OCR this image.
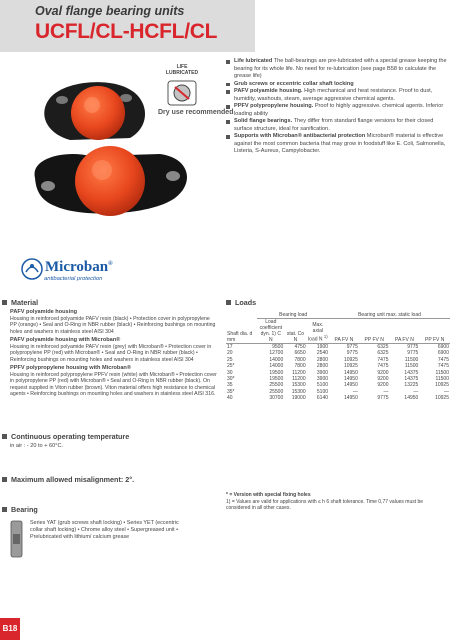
Oval flange bearing units
UCFL/CL-HCFL/CL
LIFE
LUBRICATED
Dry use recommended
Life lubricated The ball-bearings are pre-lubricated with a special grease keeping the bearing for its whole life. No need for re-lubrication (see page B58 to calculate the grease life)
Grub screws or eccentric collar shaft locking
PAFV polyamide housing. High mechanical and heat resistance. Proof to dust, humidity, washouts, steam, average aggressive chemical agents.
PPFV polypropylene housing. Proof to highly aggressive. chemical agents. Inferior loading ability
Solid flange bearings. They differ from standard flange versions for their closed surface structure, ideal for sanification.
Supports with Microban® antibacterial protection Microban® material is effective against the most common bacteria that may grow in foodstuff like E. Coli, Salmonella, Listeria, S-Aureus, Campylobacter.
Microban®
antibacterial protection
Material
PAFV polyamide housing
Housing in reinforced polyamide PAFV resin (black) • Protection cover in polypropylene PP (orange) • Seal and O-Ring in NBR rubber (black) • Reinforcing bushings on mounting holes and washers in stainless steel AISI 304
PAFV polyamide housing with Microban®
Housing in reinforced polyamide PAFV resin (grey) with Microban® • Protection cover in polypropylene PP (red) with Microban® • Seal and O-Ring in NBR rubber (black) • Reinforcing bushings on mounting holes and washers in stainless steel AISI 304
PPFV polypropylene housing with Microban®
Housing in reinforced polypropylene PPFV resin (white) with Microban® • Protection cover in polypropylene PP (red) with Microban® • Seal and O-Ring in NBR rubber (black). On request supplied in Viton rubber (brown). Viton material offers high resistance to chemical agents • Reinforcing bushings on mounting holes and washers in stainless steel AISI 316.
Continuous operating temperature
in air : - 20 to + 60°C.
Maximum allowed misalignment: 2°.
Bearing
Series YAT (grub screws shaft locking) • Series YET (eccentric collar shaft locking) • Chrome alloy steel • Supergreased unit • Prelubricated with lithium/ calcium grease
Loads
	Bearing load			Bearing unit max. static load			
Shaft dia. d mm	Load coefficient dyn. 1) C N	stat. Co N	Max. axial load N $^{1)}$	PA FV N	PP FV N	PA FV N	PP FV N
17	9500	4750	1900	9775	6325	9775	6900
20	12700	6650	2540	9775	6325	9775	6900
25	14000	7800	2800	10925	7475	11500	7475
25*	14000	7800	2800	10925	7475	11500	7475
30	19500	11200	3900	14950	9200	14375	11500
30*	19500	11200	3900	14950	9200	14375	11500
35	25500	15300	5100	14950	9200	13225	10925
35*	25500	15300	5100	—	—	—	—
40	30700	19000	6140	14950	9775	14950	10925
* = Version with special fixing holes
1) = Values are valid for applications with ≤ h 6 shaft tolerance. Time 0,77 values must be considered in all other cases.
B18
